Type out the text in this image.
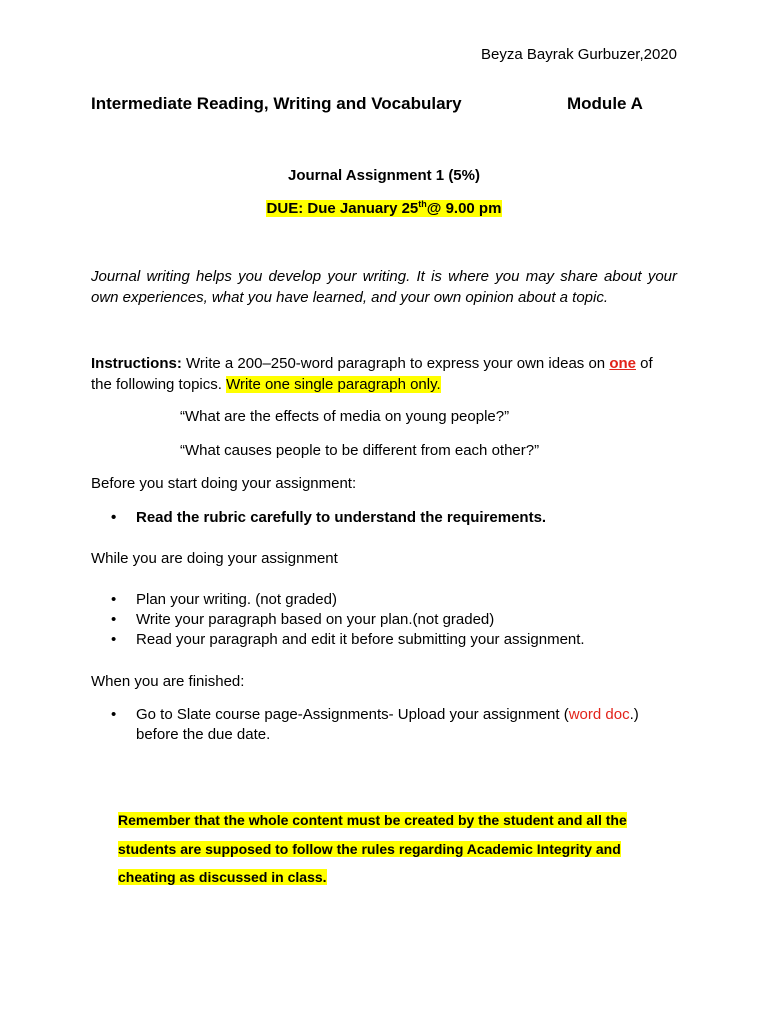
Beyza Bayrak Gurbuzer,2020
Intermediate Reading, Writing and Vocabulary	Module A
Journal Assignment 1 (5%)
DUE: Due January 25th@ 9.00 pm
Journal writing helps you develop your writing. It is where you may share about your own experiences, what you have learned, and your own opinion about a topic.
Instructions: Write a 200–250-word paragraph to express your own ideas on one of the following topics. Write one single paragraph only.
“What are the effects of media on young people?”
“What causes people to be different from each other?”
Before you start doing your assignment:
• Read the rubric carefully to understand the requirements.
While you are doing your assignment
• Plan your writing. (not graded)
• Write your paragraph based on your plan.(not graded)
• Read your paragraph and edit it before submitting your assignment.
When you are finished:
• Go to Slate course page-Assignments- Upload your assignment (word doc.) before the due date.
Remember that the whole content must be created by the student and all the students are supposed to follow the rules regarding Academic Integrity and cheating as discussed in class.
